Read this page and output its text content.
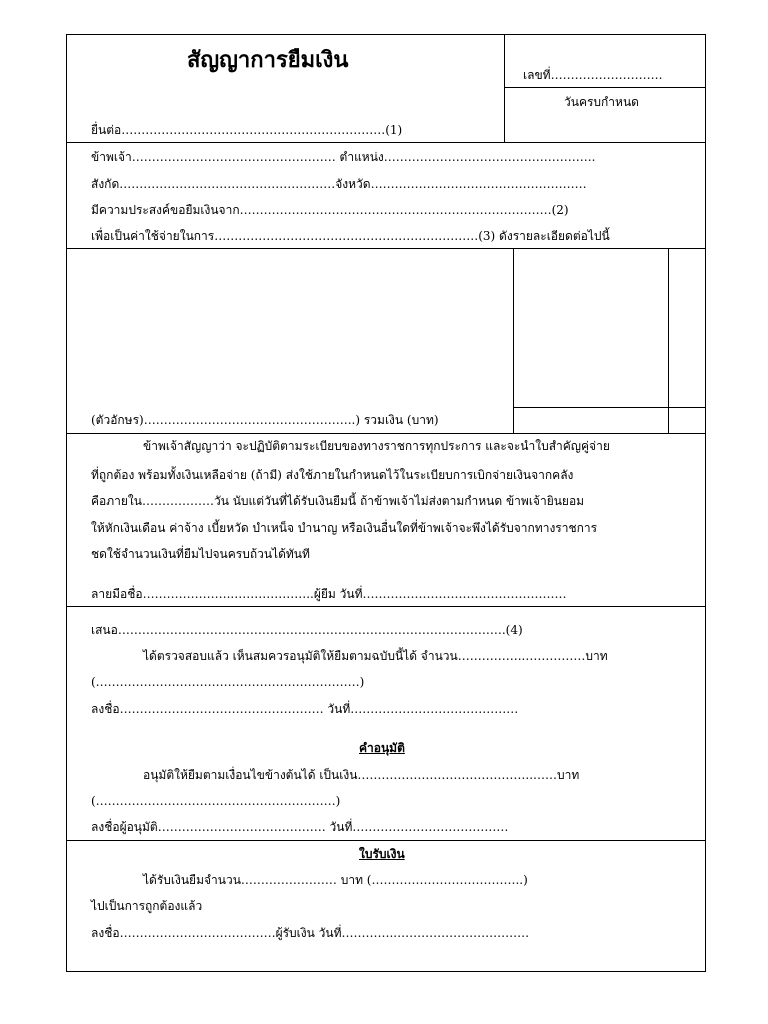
สัญญาการยืมเงิน
เลขที่……………………….
วันครบกำหนด
ยื่นต่อ…………………………………………………………(1)
ข้าพเจ้า…………………………………………… ตำแหน่ง……………………………………………..
สังกัด………………………………………………จังหวัด………………………………………………
มีความประสงค์ขอยืมเงินจาก……………………………………………………………………(2)
เพื่อเป็นค่าใช้จ่ายในการ…………………………………………………………(3) ดังรายละเอียดต่อไปนี้
(ตัวอักษร)……………………………………………..) รวมเงิน (บาท)
ข้าพเจ้าสัญญาว่า จะปฏิบัติตามระเบียบของทางราชการทุกประการ และจะนำใบสำคัญคู่จ่าย
ที่ถูกต้อง พร้อมทั้งเงินเหลือจ่าย (ถ้ามี) ส่งใช้ภายในกำหนดไว้ในระเบียบการเบิกจ่ายเงินจากคลัง
คือภายใน………………วัน นับแต่วันที่ได้รับเงินยืมนี้ ถ้าข้าพเจ้าไม่ส่งตามกำหนด ข้าพเจ้ายินยอม
ให้หักเงินเดือน ค่าจ้าง เบี้ยหวัด บำเหน็จ บำนาญ หรือเงินอื่นใดที่ข้าพเจ้าจะพึงได้รับจากทางราชการ
ชดใช้จำนวนเงินที่ยืมไปจนครบถ้วนได้ทันที
ลายมือชื่อ…………………..………………..ผู้ยืม วันที่……………………………………………
เสนอ…………………………………………………………………………………….(4)
ได้ตรวจสอบแล้ว เห็นสมควรอนุมัติให้ยืมตามฉบับนี้ได้ จำนวน……………..……………บาท
(…………………………………………………………)
ลงชื่อ…………………………………………… วันที่……………………………………
คำอนุมัติ
อนุมัติให้ยืมตามเงื่อนไขข้างต้นได้ เป็นเงิน……………………………………..……บาท
(……………………………………………………)
ลงชื่อผู้อนุมัติ…………………………………… วันที่…………………………………
ใบรับเงิน
ได้รับเงินยืมจำนวน…………………… บาท (………………………………..)
ไปเป็นการถูกต้องแล้ว
ลงชื่อ…………………………………ผู้รับเงิน วันที่…………..……………………………
